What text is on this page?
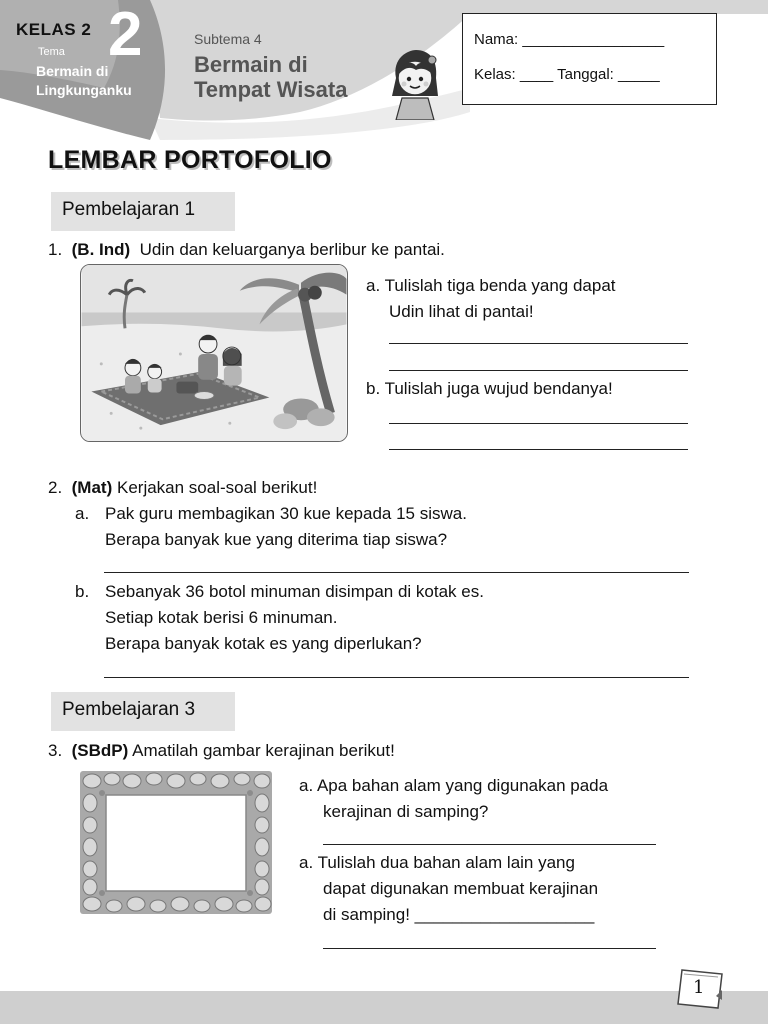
KELAS 2 2
Tema
Bermain di Lingkunganku
Subtema 4
Bermain di Tempat Wisata
Nama: _________________
Kelas: ____ Tanggal: _____
LEMBAR PORTOFOLIO
Pembelajaran 1
1. (B. Ind) Udin dan keluarganya berlibur ke pantai.
a. Tulislah tiga benda yang dapat
Udin lihat di pantai!
b. Tulislah juga wujud bendanya!
2. (Mat) Kerjakan soal-soal berikut!
a. Pak guru membagikan 30 kue kepada 15 siswa.
Berapa banyak kue yang diterima tiap siswa?
b. Sebanyak 36 botol minuman disimpan di kotak es.
Setiap kotak berisi 6 minuman.
Berapa banyak kotak es yang diperlukan?
Pembelajaran 3
3. (SBdP) Amatilah gambar kerajinan berikut!
a. Apa bahan alam yang digunakan pada
kerajinan di samping?
a. Tulislah dua bahan alam lain yang
dapat digunakan membuat kerajinan
di samping! ___________________
1
